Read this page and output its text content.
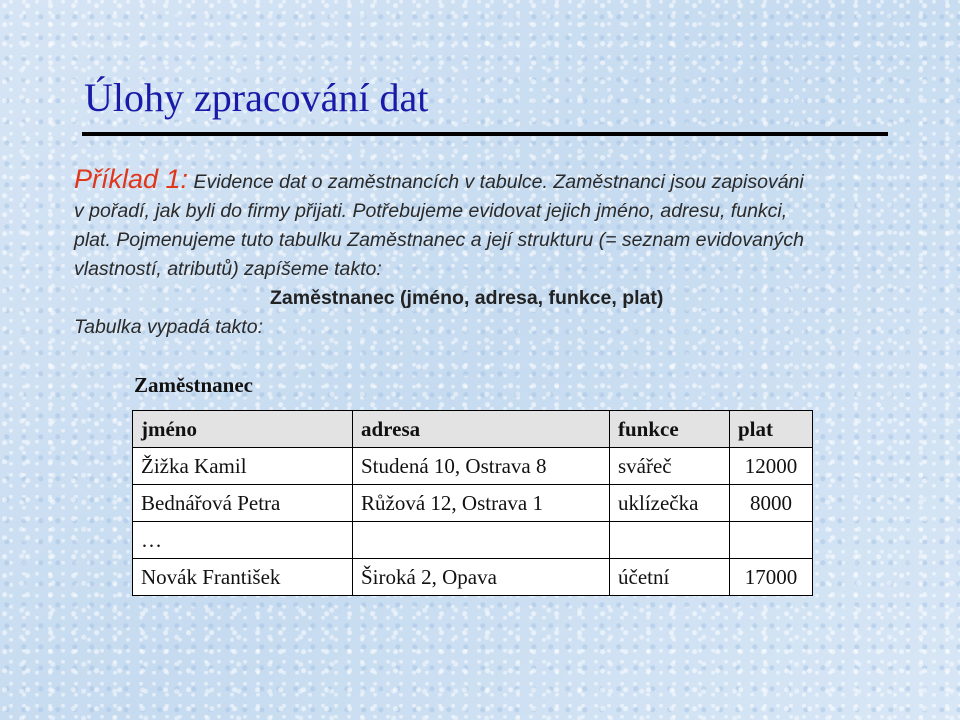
Úlohy zpracování dat

Příklad 1: Evidence dat o zaměstnancích v tabulce. Zaměstnanci jsou zapisováni
v pořadí, jak byli do firmy přijati. Potřebujeme evidovat jejich jméno, adresu, funkci,
plat. Pojmenujeme tuto tabulku Zaměstnanec a její strukturu (= seznam evidovaných
vlastností, atributů) zapíšeme takto:

Zaměstnanec (jméno, adresa, funkce, plat)
Tabulka vypadá takto:
Zaměstnanec
jméno	adresa	funkce	plat
Žižka Kamil	Studená 10, Ostrava 8	svářeč	12000
Bednářová Petra	Růžová 12, Ostrava 1	uklízečka	8000
…			
Novák František	Široká 2, Opava	účetní	17000
